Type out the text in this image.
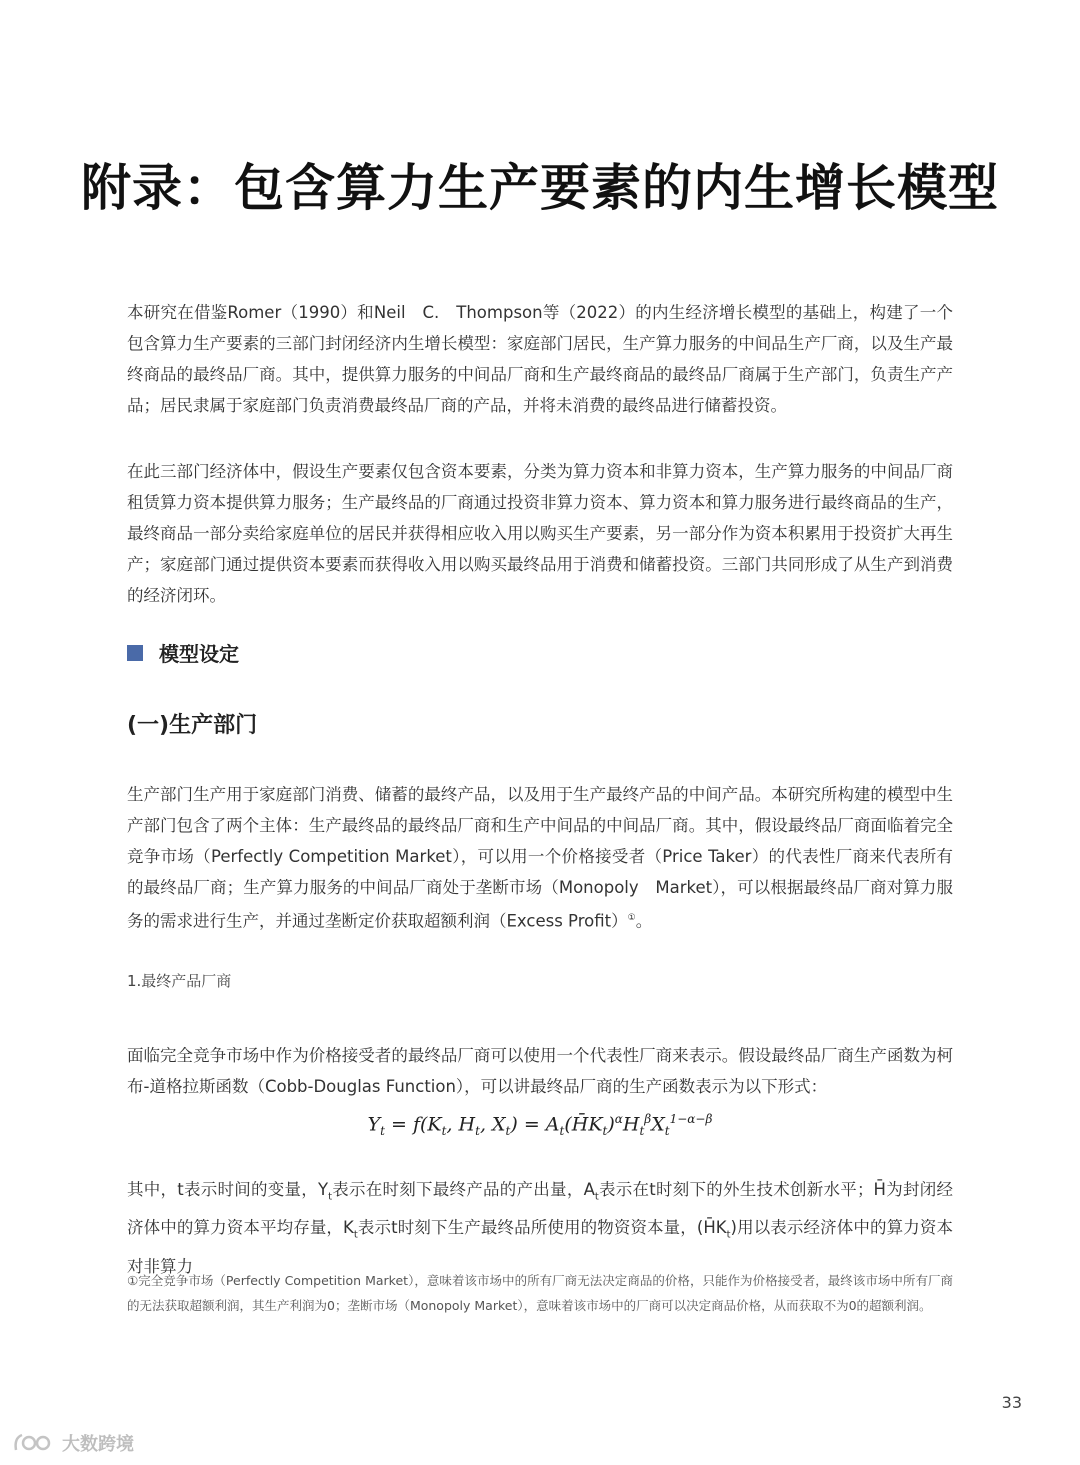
附录：包含算力生产要素的内生增长模型

本研究在借鉴Romer（1990）和Neil　C.　Thompson等（2022）的内生经济增长模型的基础上，构建了一个包含算力生产要素的三部门封闭经济内生增长模型：家庭部门居民，生产算力服务的中间品生产厂商，以及生产最终商品的最终品厂商。其中，提供算力服务的中间品厂商和生产最终商品的最终品厂商属于生产部门，负责生产产品；居民隶属于家庭部门负责消费最终品厂商的产品，并将未消费的最终品进行储蓄投资。

在此三部门经济体中，假设生产要素仅包含资本要素，分类为算力资本和非算力资本，生产算力服务的中间品厂商租赁算力资本提供算力服务；生产最终品的厂商通过投资非算力资本、算力资本和算力服务进行最终商品的生产，最终商品一部分卖给家庭单位的居民并获得相应收入用以购买生产要素，另一部分作为资本积累用于投资扩大再生产；家庭部门通过提供资本要素而获得收入用以购买最终品用于消费和储蓄投资。三部门共同形成了从生产到消费的经济闭环。

模型设定
(一)生产部门

生产部门生产用于家庭部门消费、储蓄的最终产品，以及用于生产最终产品的中间产品。本研究所构建的模型中生产部门包含了两个主体：生产最终品的最终品厂商和生产中间品的中间品厂商。其中，假设最终品厂商面临着完全竞争市场（Perfectly Competition Market），可以用一个价格接受者（Price Taker）的代表性厂商来代表所有的最终品厂商；生产算力服务的中间品厂商处于垄断市场（Monopoly　Market），可以根据最终品厂商对算力服务的需求进行生产，并通过垄断定价获取超额利润（Excess Profit）①。

1.最终产品厂商

面临完全竞争市场中作为价格接受者的最终品厂商可以使用一个代表性厂商来表示。假设最终品厂商生产函数为柯布-道格拉斯函数（Cobb-Douglas Function），可以讲最终品厂商的生产函数表示为以下形式：

$Y_t = f(K_t$, $H_t$, $X_t$) = $A_t(H̄K_t)^\alpha H_t^\beta X_t^{1-\alpha-\beta}$

其中，t表示时间的变量，$Y_t$表示在时刻下最终产品的产出量，$A_t$表示在t时刻下的外生技术创新水平；H̄为封闭经济体中的算力资本平均存量，$K_t$表示t时刻下生产最终品所使用的物资资本量，$(H̄K_t)$用以表示经济体中的算力资本对非算力

①完全竞争市场（Perfectly Competition Market），意味着该市场中的所有厂商无法决定商品的价格，只能作为价格接受者，最终该市场中所有厂商的无法获取超额利润，其生产利润为0；垄断市场（Monopoly Market），意味着该市场中的厂商可以决定商品价格，从而获取不为0的超额利润。

33
大数跨境
